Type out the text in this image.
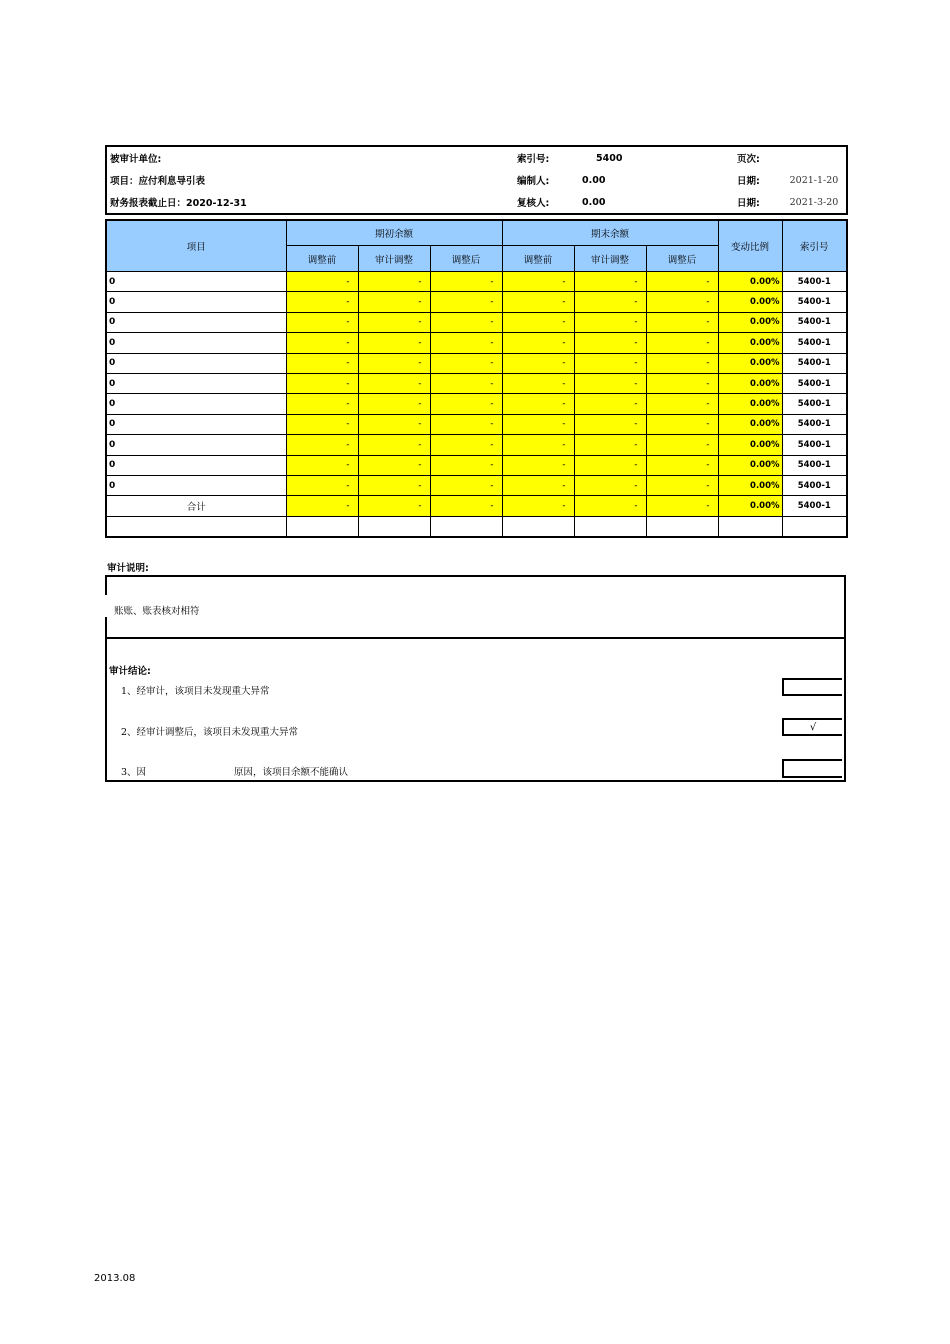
被审计单位:	索引号:	5400	页次:	
项目：应付利息导引表	编制人:	0.00	日期:	2021-1-20
财务报表截止日：2020-12-31	复核人:	0.00	日期:	2021-3-20
项目	期初余额			期末余额			变动比例	索引号
	调整前	审计调整	调整后	调整前	审计调整	调整后		
0	-	-	-	-	-	-	0.00%	5400-1
0	-	-	-	-	-	-	0.00%	5400-1
0	-	-	-	-	-	-	0.00%	5400-1
0	-	-	-	-	-	-	0.00%	5400-1
0	-	-	-	-	-	-	0.00%	5400-1
0	-	-	-	-	-	-	0.00%	5400-1
0	-	-	-	-	-	-	0.00%	5400-1
0	-	-	-	-	-	-	0.00%	5400-1
0	-	-	-	-	-	-	0.00%	5400-1
0	-	-	-	-	-	-	0.00%	5400-1
0	-	-	-	-	-	-	0.00%	5400-1
合计	-	-	-	-	-	-	0.00%	5400-1

审计说明:
账账、账表核对相符
审计结论:
1、经审计，该项目未发现重大异常
2、经审计调整后，该项目未发现重大异常	√
3、因	原因，该项目余额不能确认
2013.08
